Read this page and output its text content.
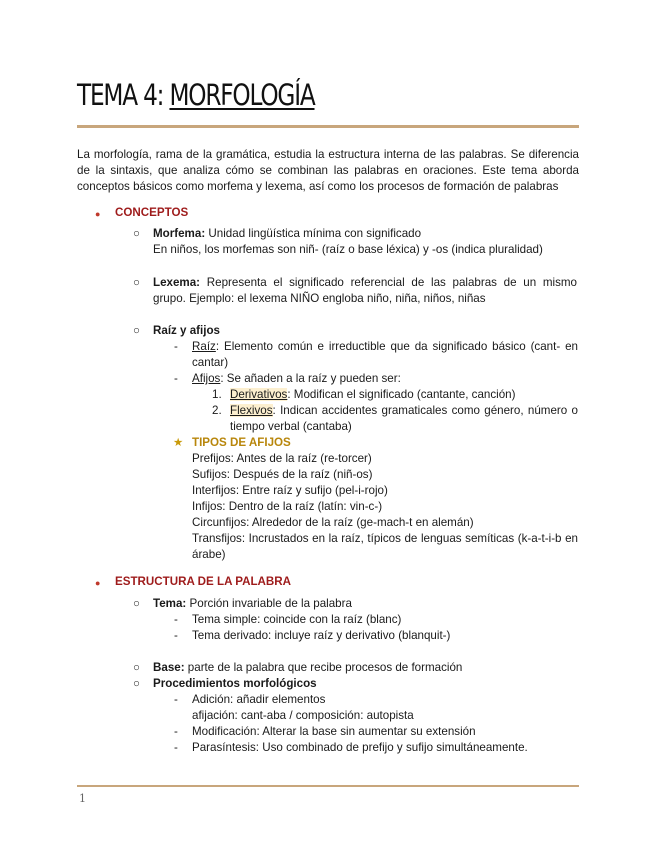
TEMA 4: MORFOLOGÍA

La morfología, rama de la gramática, estudia la estructura interna de las palabras. Se diferencia de la sintaxis, que analiza cómo se combinan las palabras en oraciones. Este tema aborda conceptos básicos como morfema y lexema, así como los procesos de formación de palabras

● CONCEPTOS
○ Morfema: Unidad lingüística mínima con significado
En niños, los morfemas son niñ- (raíz o base léxica) y -os (indica pluralidad)
○ Lexema: Representa el significado referencial de las palabras de un mismo grupo. Ejemplo: el lexema NIÑO engloba niño, niña, niños, niñas
○ Raíz y afijos
- Raíz: Elemento común e irreductible que da significado básico (cant- en cantar)
- Afijos: Se añaden a la raíz y pueden ser:
1. Derivativos: Modifican el significado (cantante, canción)
2. Flexivos: Indican accidentes gramaticales como género, número o tiempo verbal (cantaba)
★ TIPOS DE AFIJOS
Prefijos: Antes de la raíz (re-torcer)
Sufijos: Después de la raíz (niñ-os)
Interfijos: Entre raíz y sufijo (pel-i-rojo)
Infijos: Dentro de la raíz (latín: vin-c-)
Circunfijos: Alrededor de la raíz (ge-mach-t en alemán)
Transfijos: Incrustados en la raíz, típicos de lenguas semíticas (k-a-t-i-b en árabe)
● ESTRUCTURA DE LA PALABRA
○ Tema: Porción invariable de la palabra
- Tema simple: coincide con la raíz (blanc)
- Tema derivado: incluye raíz y derivativo (blanquit-)
○ Base: parte de la palabra que recibe procesos de formación
○ Procedimientos morfológicos
- Adición: añadir elementos
afijación: cant-aba / composición: autopista
- Modificación: Alterar la base sin aumentar su extensión
- Parasíntesis: Uso combinado de prefijo y sufijo simultáneamente.
1
